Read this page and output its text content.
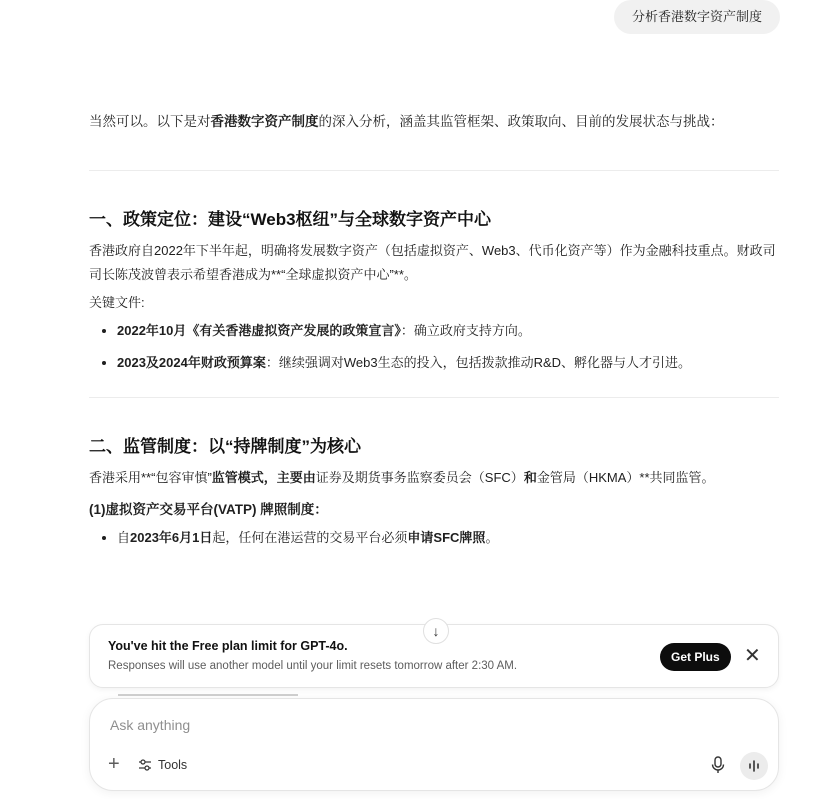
分析香港数字资产制度

当然可以。以下是对香港数字资产制度的深入分析，涵盖其监管框架、政策取向、目前的发展状态与挑战：

一、政策定位：建设“Web3枢纽”与全球数字资产中心

香港政府自2022年下半年起，明确将发展数字资产（包括虚拟资产、Web3、代币化资产等）作为金融科技重点。财政司司长陈茂波曾表示希望香港成为**“全球虚拟资产中心”**。

关键文件:

• 2022年10月《有关香港虚拟资产发展的政策宣言》：确立政府支持方向。
• 2023及2024年财政预算案：继续强调对Web3生态的投入，包括拨款推动R&D、孵化器与人才引进。
二、监管制度：以“持牌制度”为核心

香港采用**“包容审慎”监管模式，主要由证券及期货事务监察委员会（SFC）和金管局（HKMA）**共同监管。

(1)虚拟资产交易平台(VATP) 牌照制度：
• 自2023年6月1日起，任何在港运营的交易平台必须申请SFC牌照。
You've hit the Free plan limit for GPT-4o.
Responses will use another model until your limit resets tomorrow after 2:30 AM.
Get Plus	✕
↓
Ask anything
+	Tools
